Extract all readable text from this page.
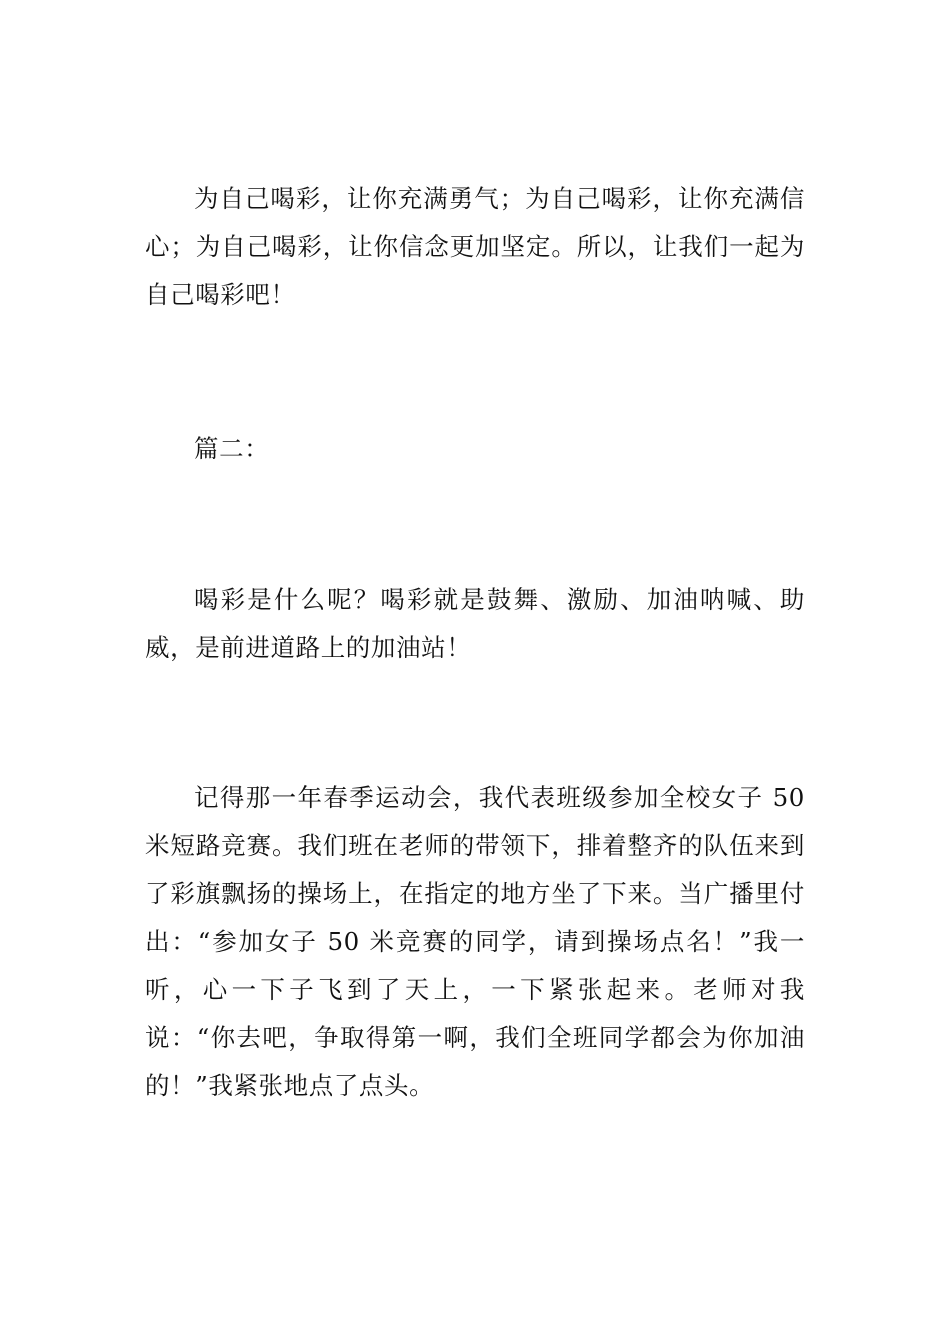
为自己喝彩，让你充满勇气；为自己喝彩，让你充满信心；为自己喝彩，让你信念更加坚定。所以，让我们一起为自己喝彩吧！

篇二：

喝彩是什么呢？喝彩就是鼓舞、激励、加油呐喊、助威，是前进道路上的加油站！

记得那一年春季运动会，我代表班级参加全校女子 50 米短路竞赛。我们班在老师的带领下，排着整齐的队伍来到了彩旗飘扬的操场上，在指定的地方坐了下来。当广播里付出：“参加女子 50 米竞赛的同学，请到操场点名！”我一听，心一下子飞到了天上，一下紧张起来。老师对我说：“你去吧，争取得第一啊，我们全班同学都会为你加油的！”我紧张地点了点头。
